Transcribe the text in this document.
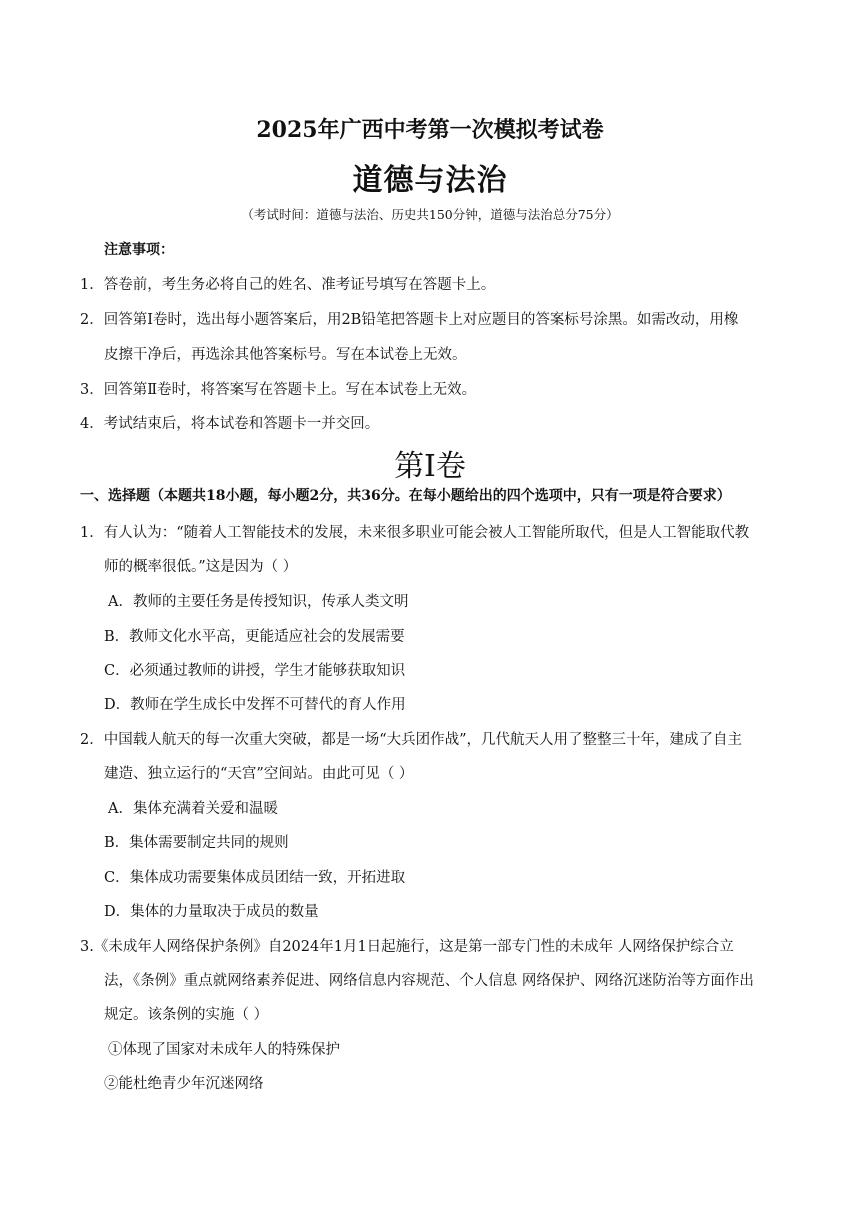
2025年广西中考第一次模拟考试卷
道德与法治
（考试时间：道德与法治、历史共150分钟，道德与法治总分75分）
注意事项：
1．答卷前，考生务必将自己的姓名、准考证号填写在答题卡上。
2．回答第Ⅰ卷时，选出每小题答案后，用2B铅笔把答题卡上对应题目的答案标号涂黑。如需改动，用橡
皮擦干净后，再选涂其他答案标号。写在本试卷上无效。
3．回答第Ⅱ卷时，将答案写在答题卡上。写在本试卷上无效。
4．考试结束后，将本试卷和答题卡一并交回。
第Ⅰ卷
一、选择题（本题共18小题，每小题2分，共36分。在每小题给出的四个选项中，只有一项是符合要求）
1．有人认为：“随着人工智能技术的发展，未来很多职业可能会被人工智能所取代，但是人工智能取代教
师的概率很低。”这是因为（ ）
A．教师的主要任务是传授知识，传承人类文明
B．教师文化水平高，更能适应社会的发展需要
C．必须通过教师的讲授，学生才能够获取知识
D．教师在学生成长中发挥不可替代的育人作用
2．中国载人航天的每一次重大突破，都是一场“大兵团作战”，几代航天人用了整整三十年，建成了自主
建造、独立运行的“天宫”空间站。由此可见（ ）
A．集体充满着关爱和温暖
B．集体需要制定共同的规则
C．集体成功需要集体成员团结一致，开拓进取
D．集体的力量取决于成员的数量
3.《未成年人网络保护条例》自2024年1月1日起施行，这是第一部专门性的未成年 人网络保护综合立
法，《条例》重点就网络素养促进、网络信息内容规范、个人信息 网络保护、网络沉迷防治等方面作出
规定。该条例的实施（ ）
①体现了国家对未成年人的特殊保护
②能杜绝青少年沉迷网络
